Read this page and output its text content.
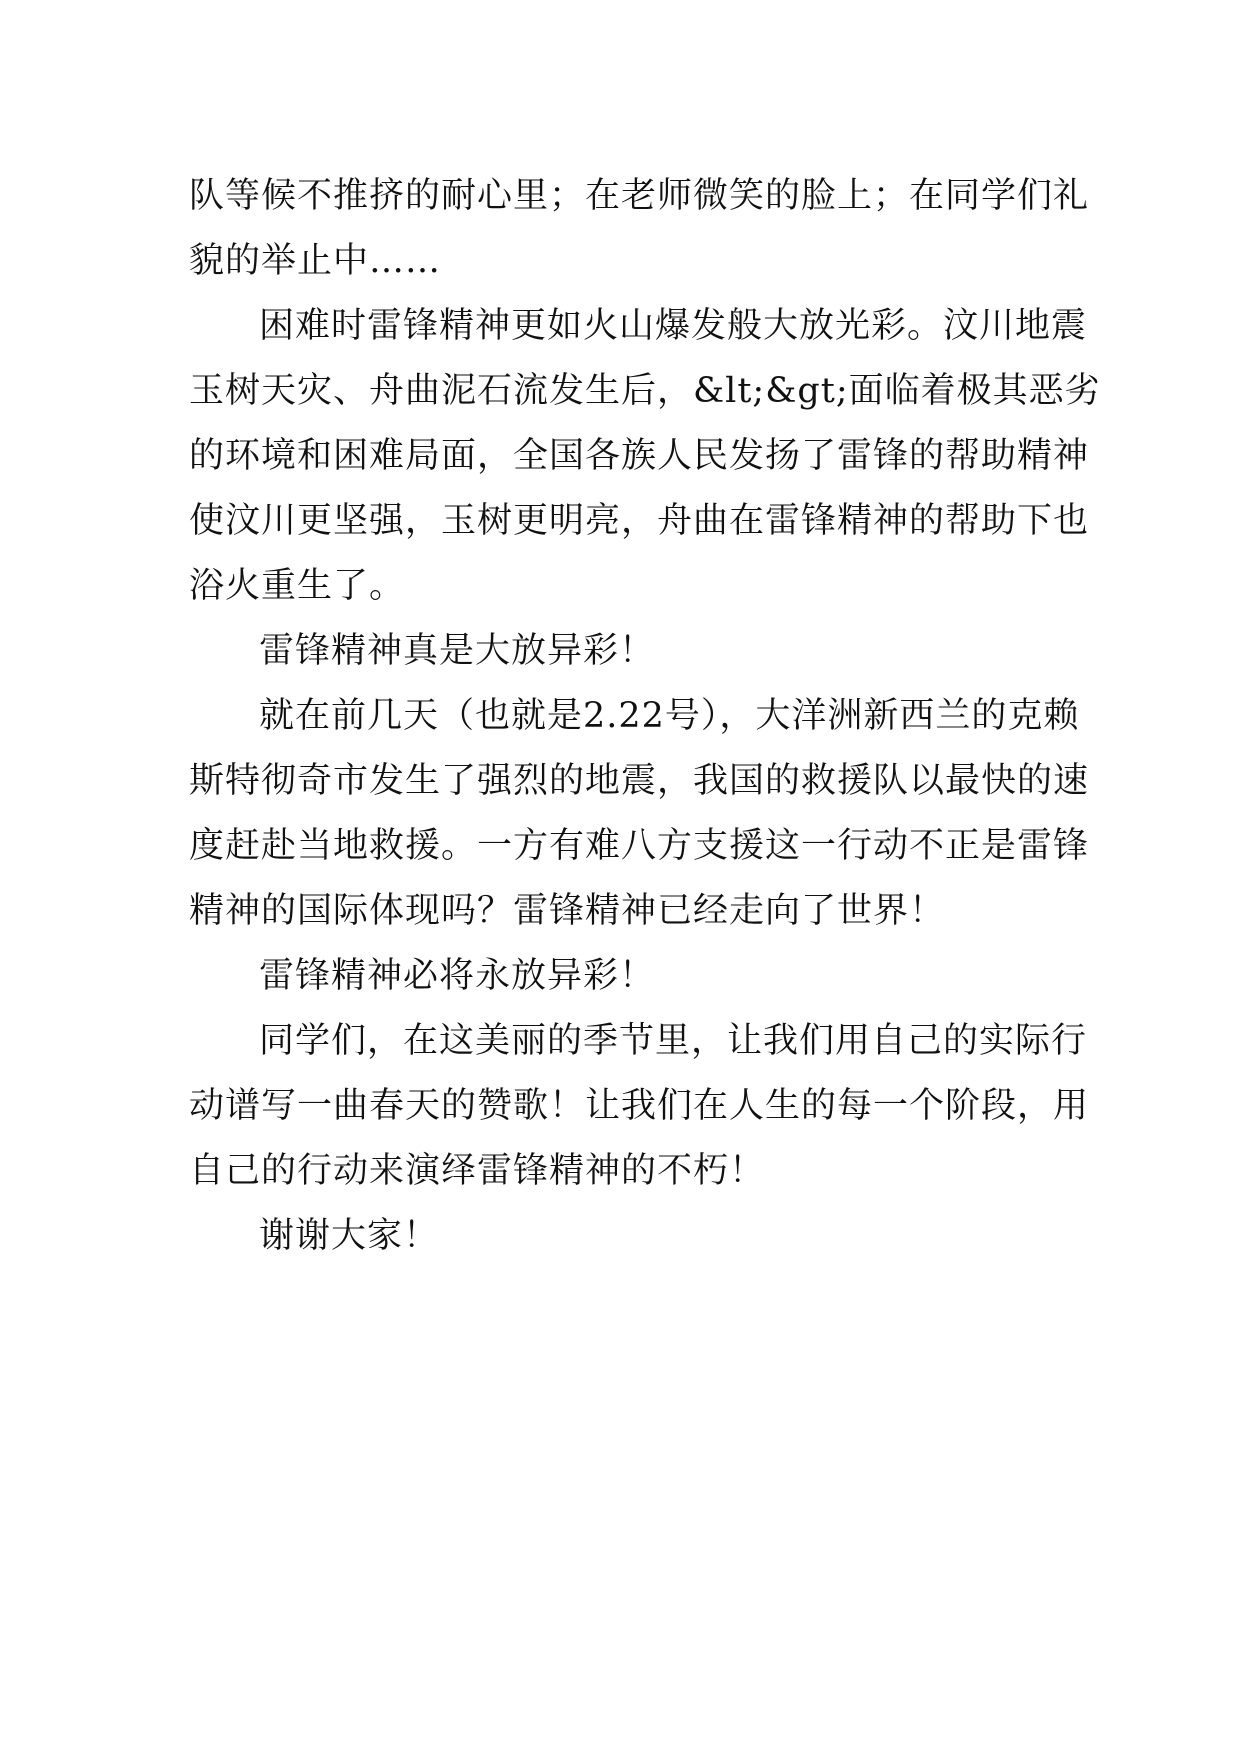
队等候不推挤的耐心里；在老师微笑的脸上；在同学们礼
貌的举止中……
困难时雷锋精神更如火山爆发般大放光彩。汶川地震
玉树天灾、舟曲泥石流发生后，&lt;&gt;面临着极其恶劣
的环境和困难局面，全国各族人民发扬了雷锋的帮助精神
使汶川更坚强，玉树更明亮，舟曲在雷锋精神的帮助下也
浴火重生了。
雷锋精神真是大放异彩！
就在前几天（也就是2.22号），大洋洲新西兰的克赖
斯特彻奇市发生了强烈的地震，我国的救援队以最快的速
度赶赴当地救援。一方有难八方支援这一行动不正是雷锋
精神的国际体现吗？雷锋精神已经走向了世界！
雷锋精神必将永放异彩！
同学们，在这美丽的季节里，让我们用自己的实际行
动谱写一曲春天的赞歌！让我们在人生的每一个阶段，用
自己的行动来演绎雷锋精神的不朽！
谢谢大家！
